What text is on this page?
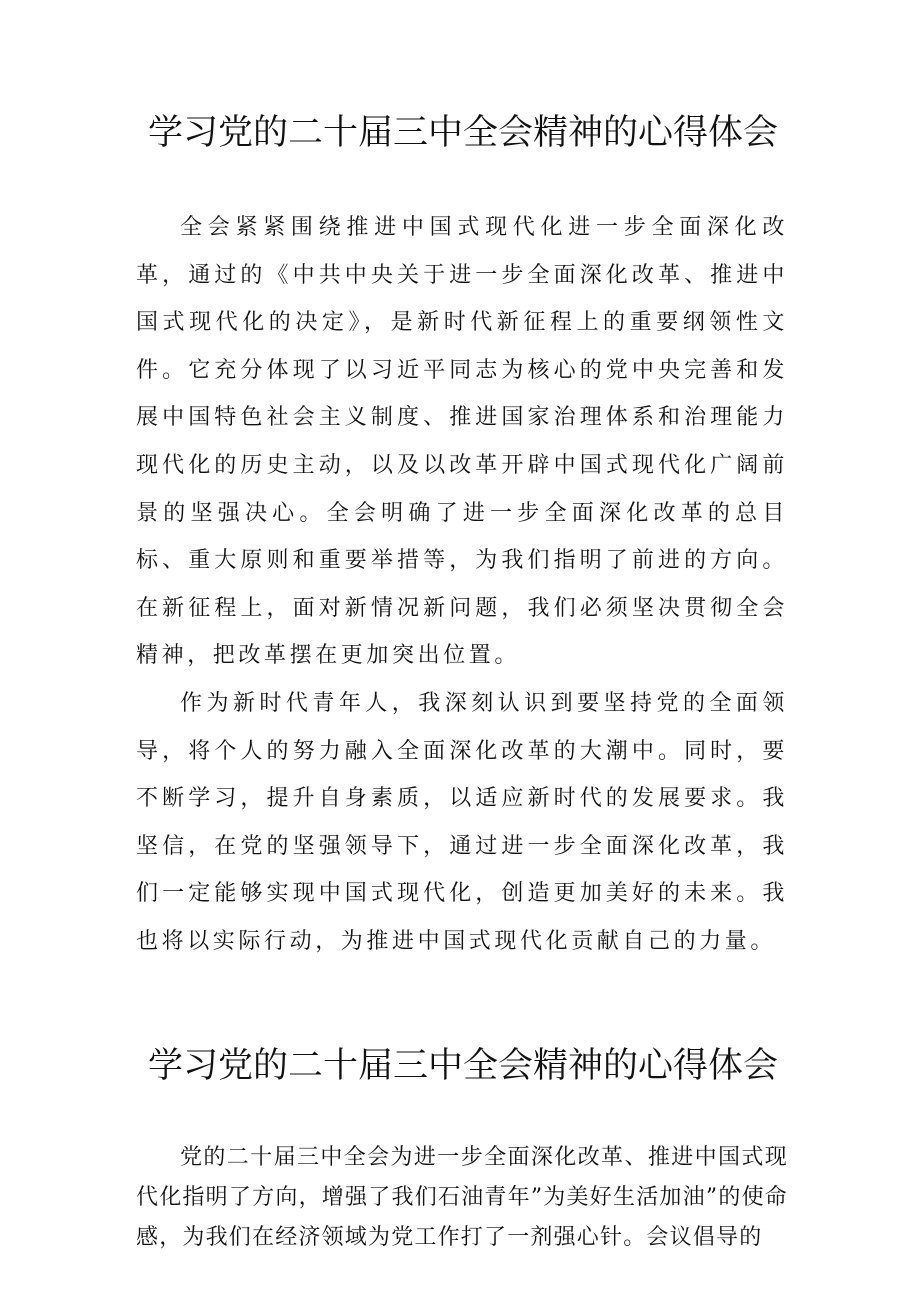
学习党的二十届三中全会精神的心得体会

全会紧紧围绕推进中国式现代化进一步全面深化改革，通过的《中共中央关于进一步全面深化改革、推进中国式现代化的决定》，是新时代新征程上的重要纲领性文件。它充分体现了以习近平同志为核心的党中央完善和发展中国特色社会主义制度、推进国家治理体系和治理能力现代化的历史主动，以及以改革开辟中国式现代化广阔前景的坚强决心。全会明确了进一步全面深化改革的总目标、重大原则和重要举措等，为我们指明了前进的方向。在新征程上，面对新情况新问题，我们必须坚决贯彻全会精神，把改革摆在更加突出位置。

作为新时代青年人，我深刻认识到要坚持党的全面领导，将个人的努力融入全面深化改革的大潮中。同时，要不断学习，提升自身素质，以适应新时代的发展要求。我坚信，在党的坚强领导下，通过进一步全面深化改革，我们一定能够实现中国式现代化，创造更加美好的未来。我也将以实际行动，为推进中国式现代化贡献自己的力量。

学习党的二十届三中全会精神的心得体会

党的二十届三中全会为进一步全面深化改革、推进中国式现代化指明了方向，增强了我们石油青年”为美好生活加油”的使命感，为我们在经济领域为党工作打了一剂强心针。会议倡导的
